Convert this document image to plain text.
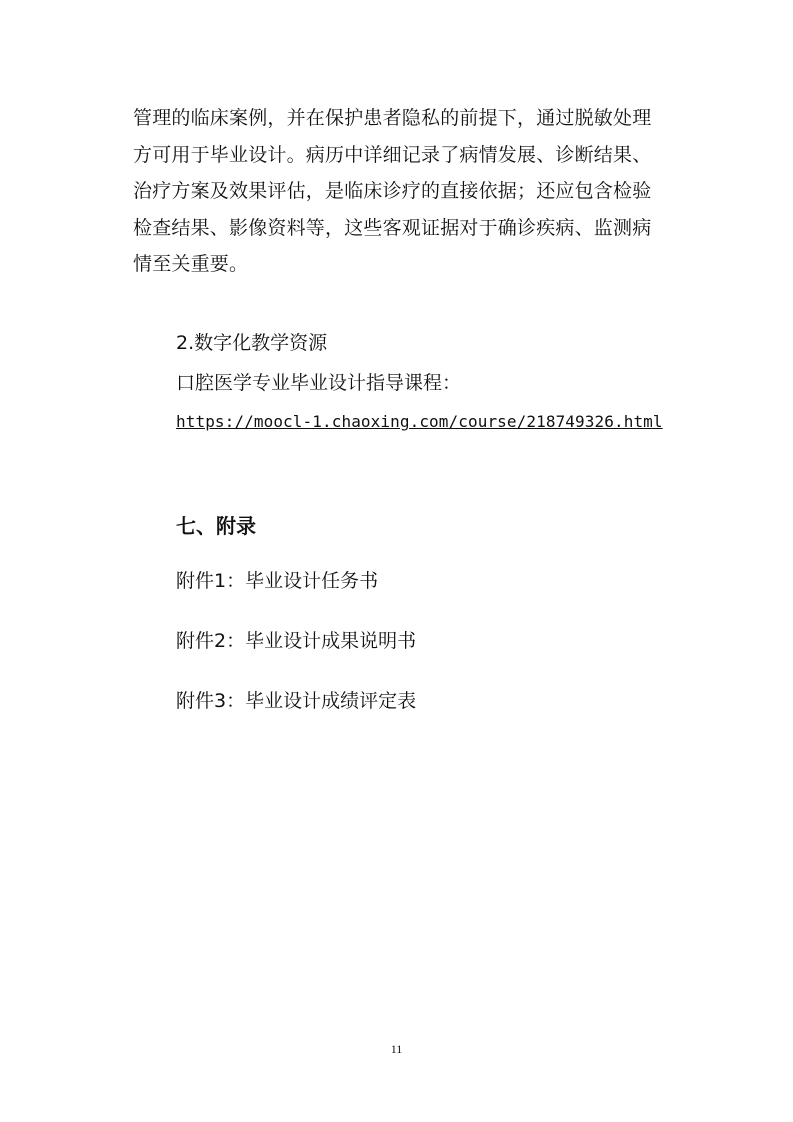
管理的临床案例，并在保护患者隐私的前提下，通过脱敏处理
方可用于毕业设计。病历中详细记录了病情发展、诊断结果、
治疗方案及效果评估，是临床诊疗的直接依据；还应包含检验
检查结果、影像资料等，这些客观证据对于确诊疾病、监测病
情至关重要。
2.数字化教学资源
口腔医学专业毕业设计指导课程：
https://moocl-1.chaoxing.com/course/218749326.html
七、附录
附件1：毕业设计任务书
附件2：毕业设计成果说明书
附件3：毕业设计成绩评定表
11
